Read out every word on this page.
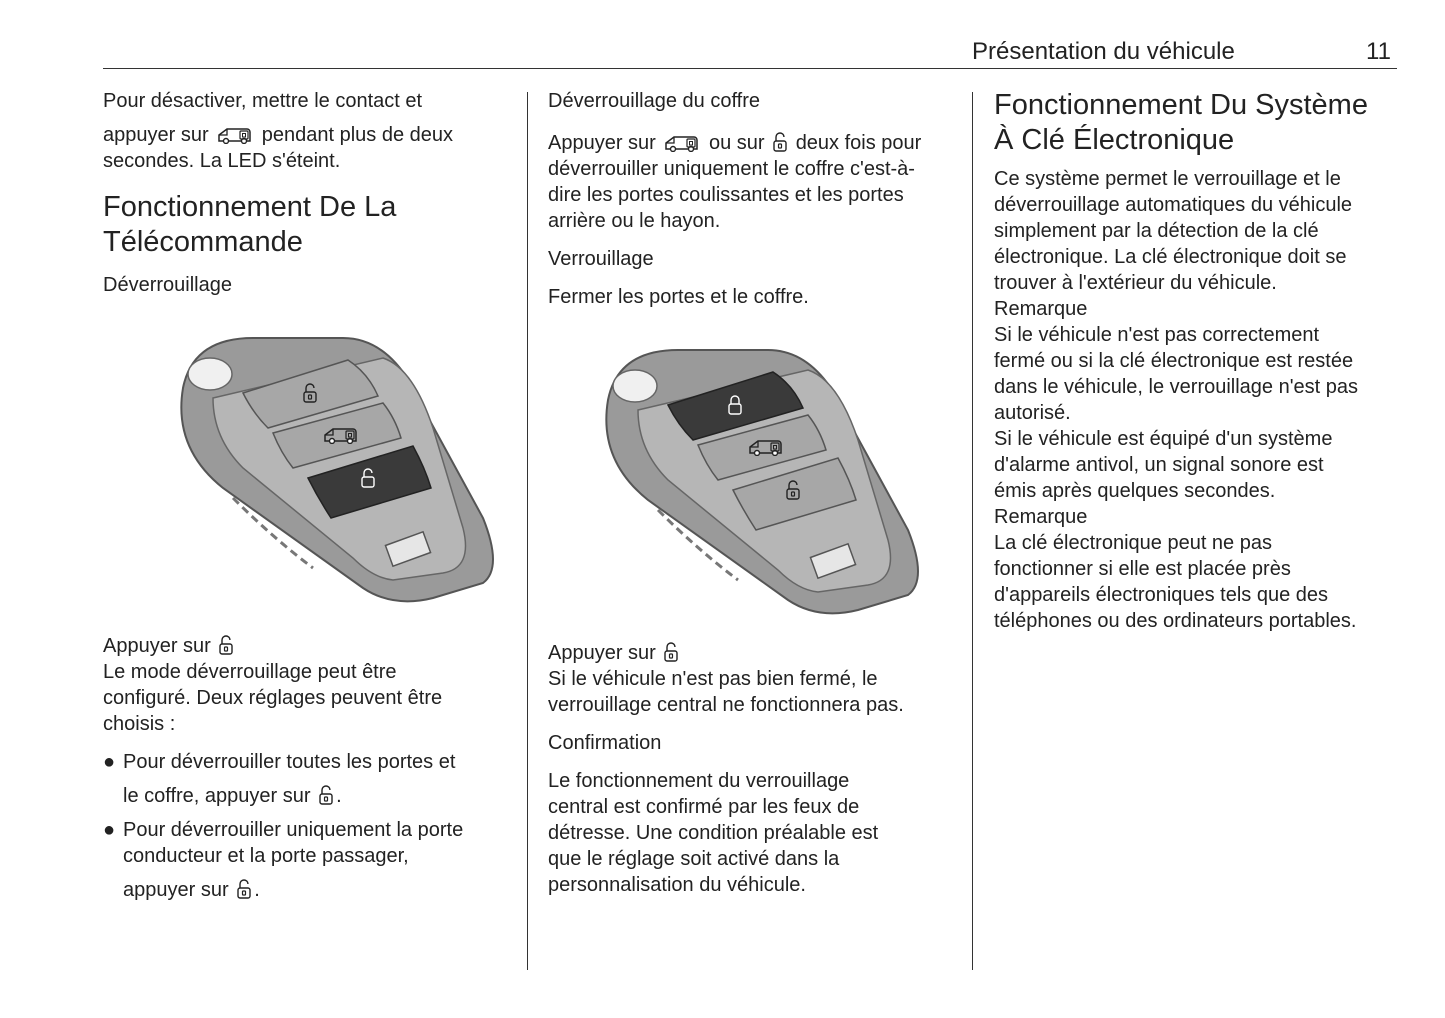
Présentation du véhicule	11

Pour désactiver, mettre le contact et

appuyer sur	pendant plus de deux

secondes. La LED s'éteint.

Fonctionnement De La
Télécommande

Déverrouillage

Appuyer sur

Le mode déverrouillage peut être

configuré. Deux réglages peuvent être

choisis :

● Pour déverrouiller toutes les portes et

le coffre, appuyer sur .

● Pour déverrouiller uniquement la porte

conducteur et la porte passager,

appuyer sur .

Déverrouillage du coffre

Appuyer sur	ou sur deux fois pour

déverrouiller uniquement le coffre c'est-à-

dire les portes coulissantes et les portes

arrière ou le hayon.

Verrouillage

Fermer les portes et le coffre.

Appuyer sur

Si le véhicule n'est pas bien fermé, le

verrouillage central ne fonctionnera pas.

Confirmation

Le fonctionnement du verrouillage

central est confirmé par les feux de

détresse. Une condition préalable est

que le réglage soit activé dans la

personnalisation du véhicule.

Fonctionnement Du Système
À Clé Électronique

Ce système permet le verrouillage et le

déverrouillage automatiques du véhicule

simplement par la détection de la clé

électronique. La clé électronique doit se

trouver à l'extérieur du véhicule.

Remarque

Si le véhicule n'est pas correctement

fermé ou si la clé électronique est restée

dans le véhicule, le verrouillage n'est pas

autorisé.

Si le véhicule est équipé d'un système

d'alarme antivol, un signal sonore est

émis après quelques secondes.

Remarque

La clé électronique peut ne pas

fonctionner si elle est placée près

d'appareils électroniques tels que des

téléphones ou des ordinateurs portables.
